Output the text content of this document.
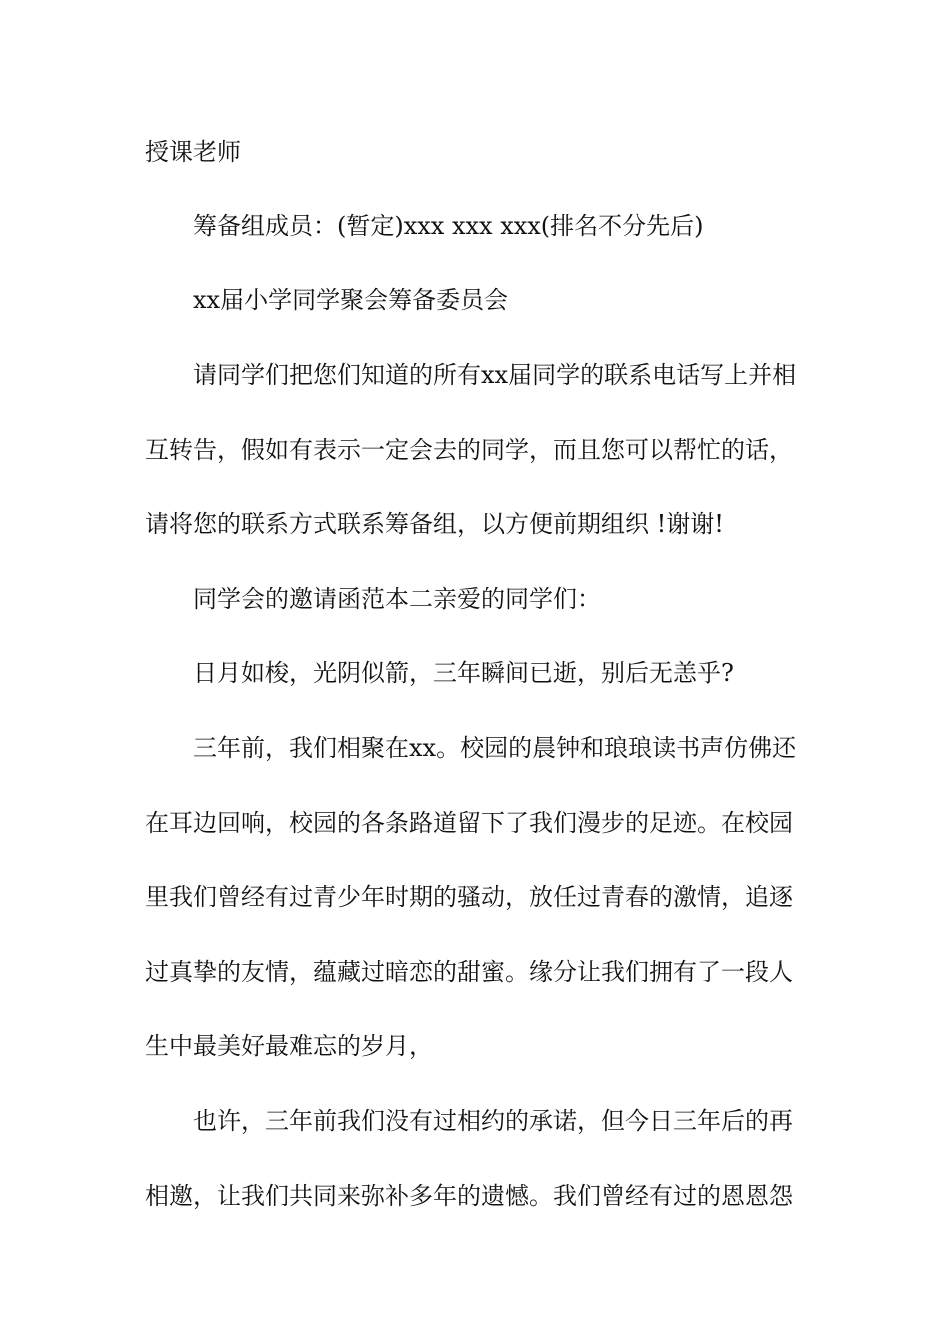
授课老师
筹备组成员：(暂定)xxx xxx xxx(排名不分先后)
xx届小学同学聚会筹备委员会
请同学们把您们知道的所有xx届同学的联系电话写上并相
互转告，假如有表示一定会去的同学，而且您可以帮忙的话，
请将您的联系方式联系筹备组，以方便前期组织 !谢谢!
同学会的邀请函范本二亲爱的同学们：
日月如梭，光阴似箭，三年瞬间已逝，别后无恙乎?
三年前，我们相聚在xx。校园的晨钟和琅琅读书声仿佛还
在耳边回响，校园的各条路道留下了我们漫步的足迹。在校园
里我们曾经有过青少年时期的骚动，放任过青春的激情，追逐
过真挚的友情，蕴藏过暗恋的甜蜜。缘分让我们拥有了一段人
生中最美好最难忘的岁月，
也许，三年前我们没有过相约的承诺，但今日三年后的再
相邀，让我们共同来弥补多年的遗憾。我们曾经有过的恩恩怨
